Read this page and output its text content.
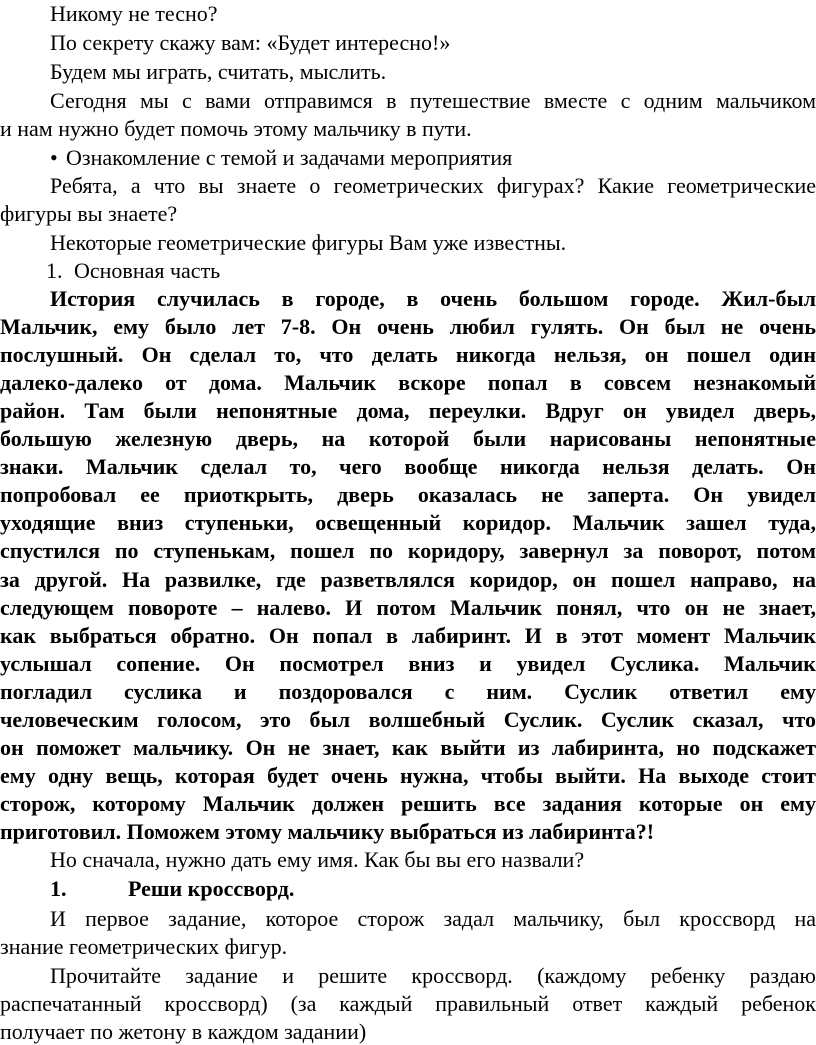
Никому не тесно?
По секрету скажу вам: «Будет интересно!»
Будем мы играть, считать, мыслить.
Сегодня мы с вами отправимся в путешествие вместе с одним мальчиком
и нам нужно будет помочь этому мальчику в пути.
• Ознакомление с темой и задачами мероприятия
Ребята, а что вы знаете о геометрических фигурах? Какие геометрические
фигуры вы знаете?
Некоторые геометрические фигуры Вам уже известны.
1. Основная часть
История случилась в городе, в очень большом городе. Жил-был
Мальчик, ему было лет 7-8. Он очень любил гулять. Он был не очень
послушный. Он сделал то, что делать никогда нельзя, он пошел один
далеко-далеко от дома. Мальчик вскоре попал в совсем незнакомый
район. Там были непонятные дома, переулки. Вдруг он увидел дверь,
большую железную дверь, на которой были нарисованы непонятные
знаки. Мальчик сделал то, чего вообще никогда нельзя делать. Он
попробовал ее приоткрыть, дверь оказалась не заперта. Он увидел
уходящие вниз ступеньки, освещенный коридор. Мальчик зашел туда,
спустился по ступенькам, пошел по коридору, завернул за поворот, потом
за другой. На развилке, где разветвлялся коридор, он пошел направо, на
следующем повороте – налево. И потом Мальчик понял, что он не знает,
как выбраться обратно. Он попал в лабиринт. И в этот момент Мальчик
услышал сопение. Он посмотрел вниз и увидел Суслика. Мальчик
погладил суслика и поздоровался с ним. Суслик ответил ему
человеческим голосом, это был волшебный Суслик. Суслик сказал, что
он поможет мальчику. Он не знает, как выйти из лабиринта, но подскажет
ему одну вещь, которая будет очень нужна, чтобы выйти. На выходе стоит
сторож, которому Мальчик должен решить все задания которые он ему
приготовил. Поможем этому мальчику выбраться из лабиринта?!
Но сначала, нужно дать ему имя. Как бы вы его назвали?
1.	Реши кроссворд.
И первое задание, которое сторож задал мальчику, был кроссворд на
знание геометрических фигур.
Прочитайте задание и решите кроссворд. (каждому ребенку раздаю
распечатанный кроссворд) (за каждый правильный ответ каждый ребенок
получает по жетону в каждом задании)
